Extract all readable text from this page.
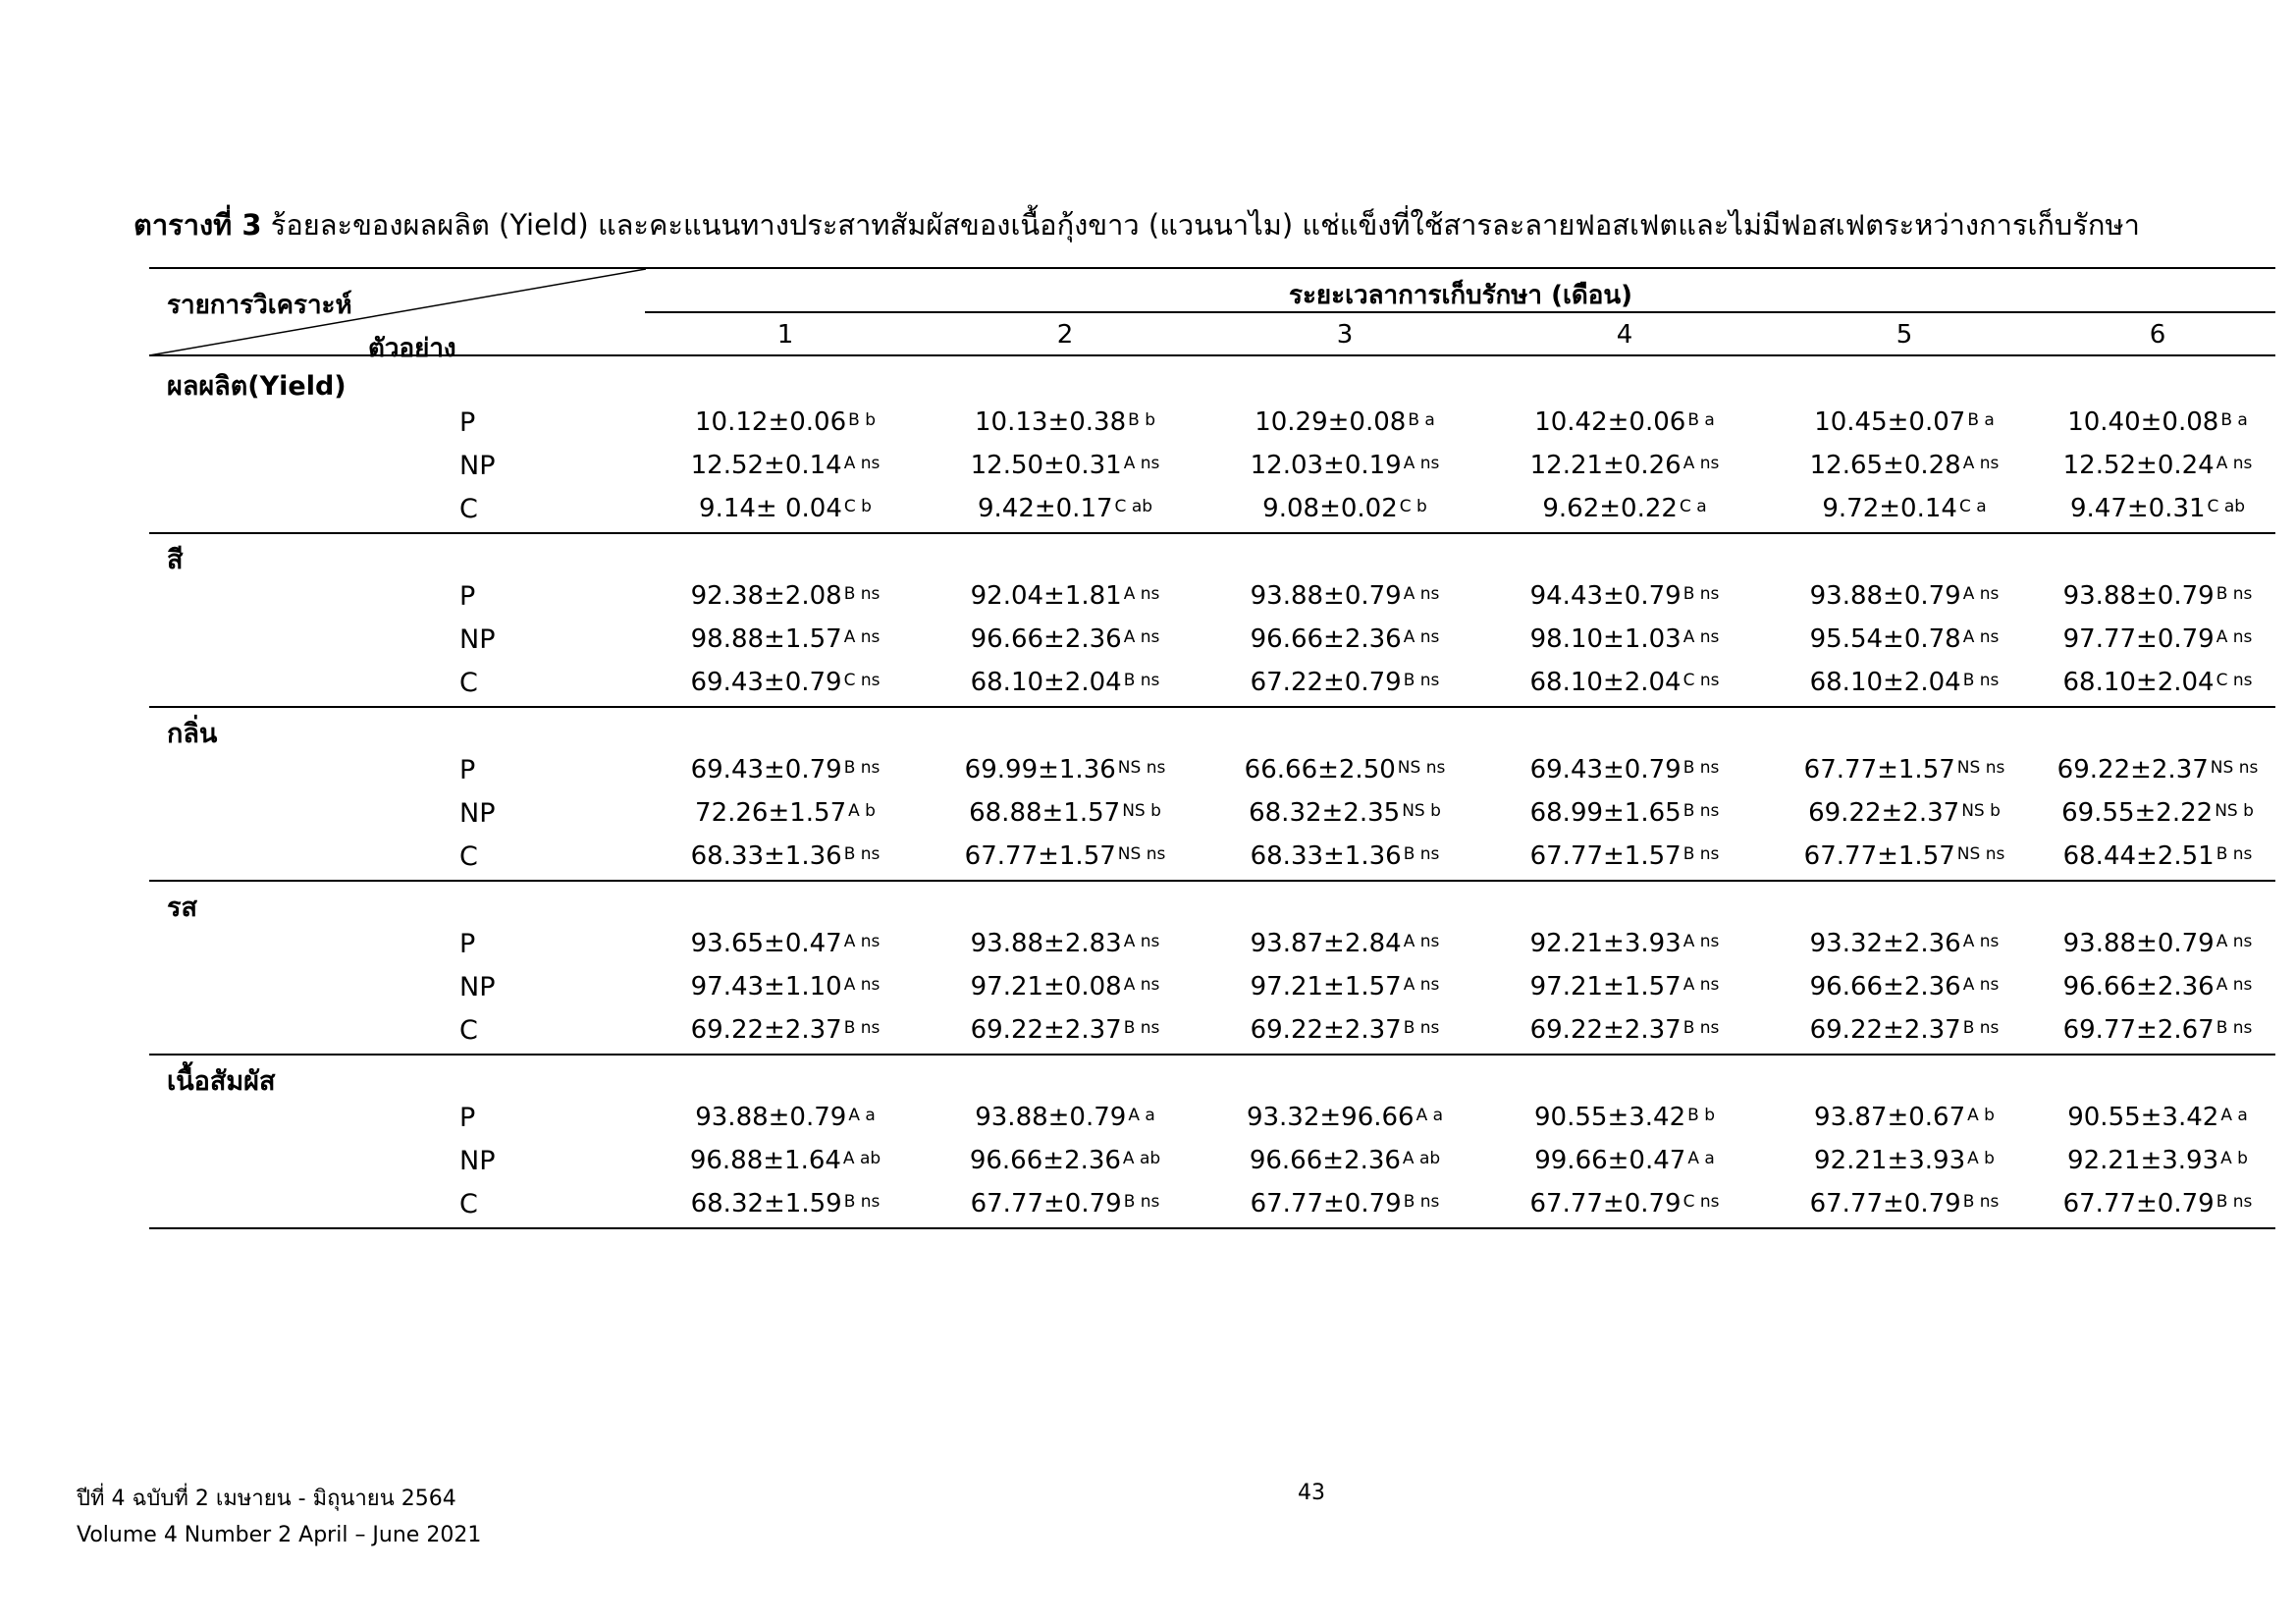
ตารางที่ 3 ร้อยละของผลผลิต (Yield) และคะแนนทางประสาทสัมผัสของเนื้อกุ้งขาว (แวนนาไม) แช่แข็งที่ใช้สารละลายฟอสเฟตและไม่มีฟอสเฟตระหว่างการเก็บรักษา
รายการวิเคราะห์
ตัวอย่าง
ระยะเวลาการเก็บรักษา (เดือน)
1	2	3	4	5	6
ผลผลิต(Yield)
P	10.12±0.06 $^{B b}$	10.13±0.38 $^{B b}$	10.29±0.08 $^{B a}$	10.42±0.06 $^{B a}$	10.45±0.07 $^{B a}$	10.40±0.08 $^{B a}$
NP	12.52±0.14 $^{A ns}$	12.50±0.31 $^{A ns}$	12.03±0.19 $^{A ns}$	12.21±0.26 $^{A ns}$	12.65±0.28 $^{A ns}$	12.52±0.24 $^{A ns}$
C	9.14± 0.04 $^{C b}$	9.42±0.17 $^{C ab}$	9.08±0.02 $^{C b}$	9.62±0.22 $^{C a}$	9.72±0.14 $^{C a}$	9.47±0.31 $^{C ab}$
สี
P	92.38±2.08 $^{B ns}$	92.04±1.81 $^{A ns}$	93.88±0.79 $^{A ns}$	94.43±0.79 $^{B ns}$	93.88±0.79 $^{A ns}$	93.88±0.79 $^{B ns}$
NP	98.88±1.57 $^{A ns}$	96.66±2.36 $^{A ns}$	96.66±2.36 $^{A ns}$	98.10±1.03 $^{A ns}$	95.54±0.78 $^{A ns}$	97.77±0.79 $^{A ns}$
C	69.43±0.79 $^{C ns}$	68.10±2.04 $^{B ns}$	67.22±0.79 $^{B ns}$	68.10±2.04 $^{C ns}$	68.10±2.04 $^{B ns}$	68.10±2.04 $^{C ns}$
กลิ่น
P	69.43±0.79 $^{B ns}$	69.99±1.36 $^{NS ns}$	66.66±2.50 $^{NS ns}$	69.43±0.79 $^{B ns}$	67.77±1.57 $^{NS ns}$ 69.22±2.37 $^{NS ns}$
NP	72.26±1.57 $^{A b}$	68.88±1.57 $^{NS b}$	68.32±2.35 $^{NS b}$	68.99±1.65 $^{B ns}$	69.22±2.37 $^{NS b}$ 69.55±2.22 $^{NS b}$
C	68.33±1.36 $^{B ns}$	67.77±1.57 $^{NS ns}$	68.33±1.36 $^{B ns}$	67.77±1.57 $^{B ns}$	67.77±1.57 $^{NS ns}$ 68.44±2.51 $^{B ns}$
รส
P	93.65±0.47 $^{A ns}$	93.88±2.83 $^{A ns}$	93.87±2.84 $^{A ns}$	92.21±3.93 $^{A ns}$	93.32±2.36 $^{A ns}$	93.88±0.79 $^{A ns}$
NP	97.43±1.10 $^{A ns}$	97.21±0.08 $^{A ns}$	97.21±1.57 $^{A ns}$	97.21±1.57 $^{A ns}$	96.66±2.36 $^{A ns}$	96.66±2.36 $^{A ns}$
C	69.22±2.37 $^{B ns}$	69.22±2.37 $^{B ns}$	69.22±2.37 $^{B ns}$	69.22±2.37 $^{B ns}$	69.22±2.37 $^{B ns}$	69.77±2.67 $^{B ns}$
เนื้อสัมผัส
P	93.88±0.79 $^{A a}$	93.88±0.79 $^{A a}$	93.32±96.66 $^{A a}$	90.55±3.42 $^{B b}$	93.87±0.67 $^{A b}$	90.55±3.42 $^{A a}$
NP	96.88±1.64 $^{A ab}$	96.66±2.36 $^{A ab}$	96.66±2.36 $^{A ab}$	99.66±0.47 $^{A a}$	92.21±3.93 $^{A b}$	92.21±3.93 $^{A b}$
C	68.32±1.59 $^{B ns}$	67.77±0.79 $^{B ns}$	67.77±0.79 $^{B ns}$	67.77±0.79 $^{C ns}$	67.77±0.79 $^{B ns}$	67.77±0.79 $^{B ns}$
ปีที่ 4 ฉบับที่ 2 เมษายน - มิถุนายน 2564
Volume 4 Number 2 April – June 2021
43
